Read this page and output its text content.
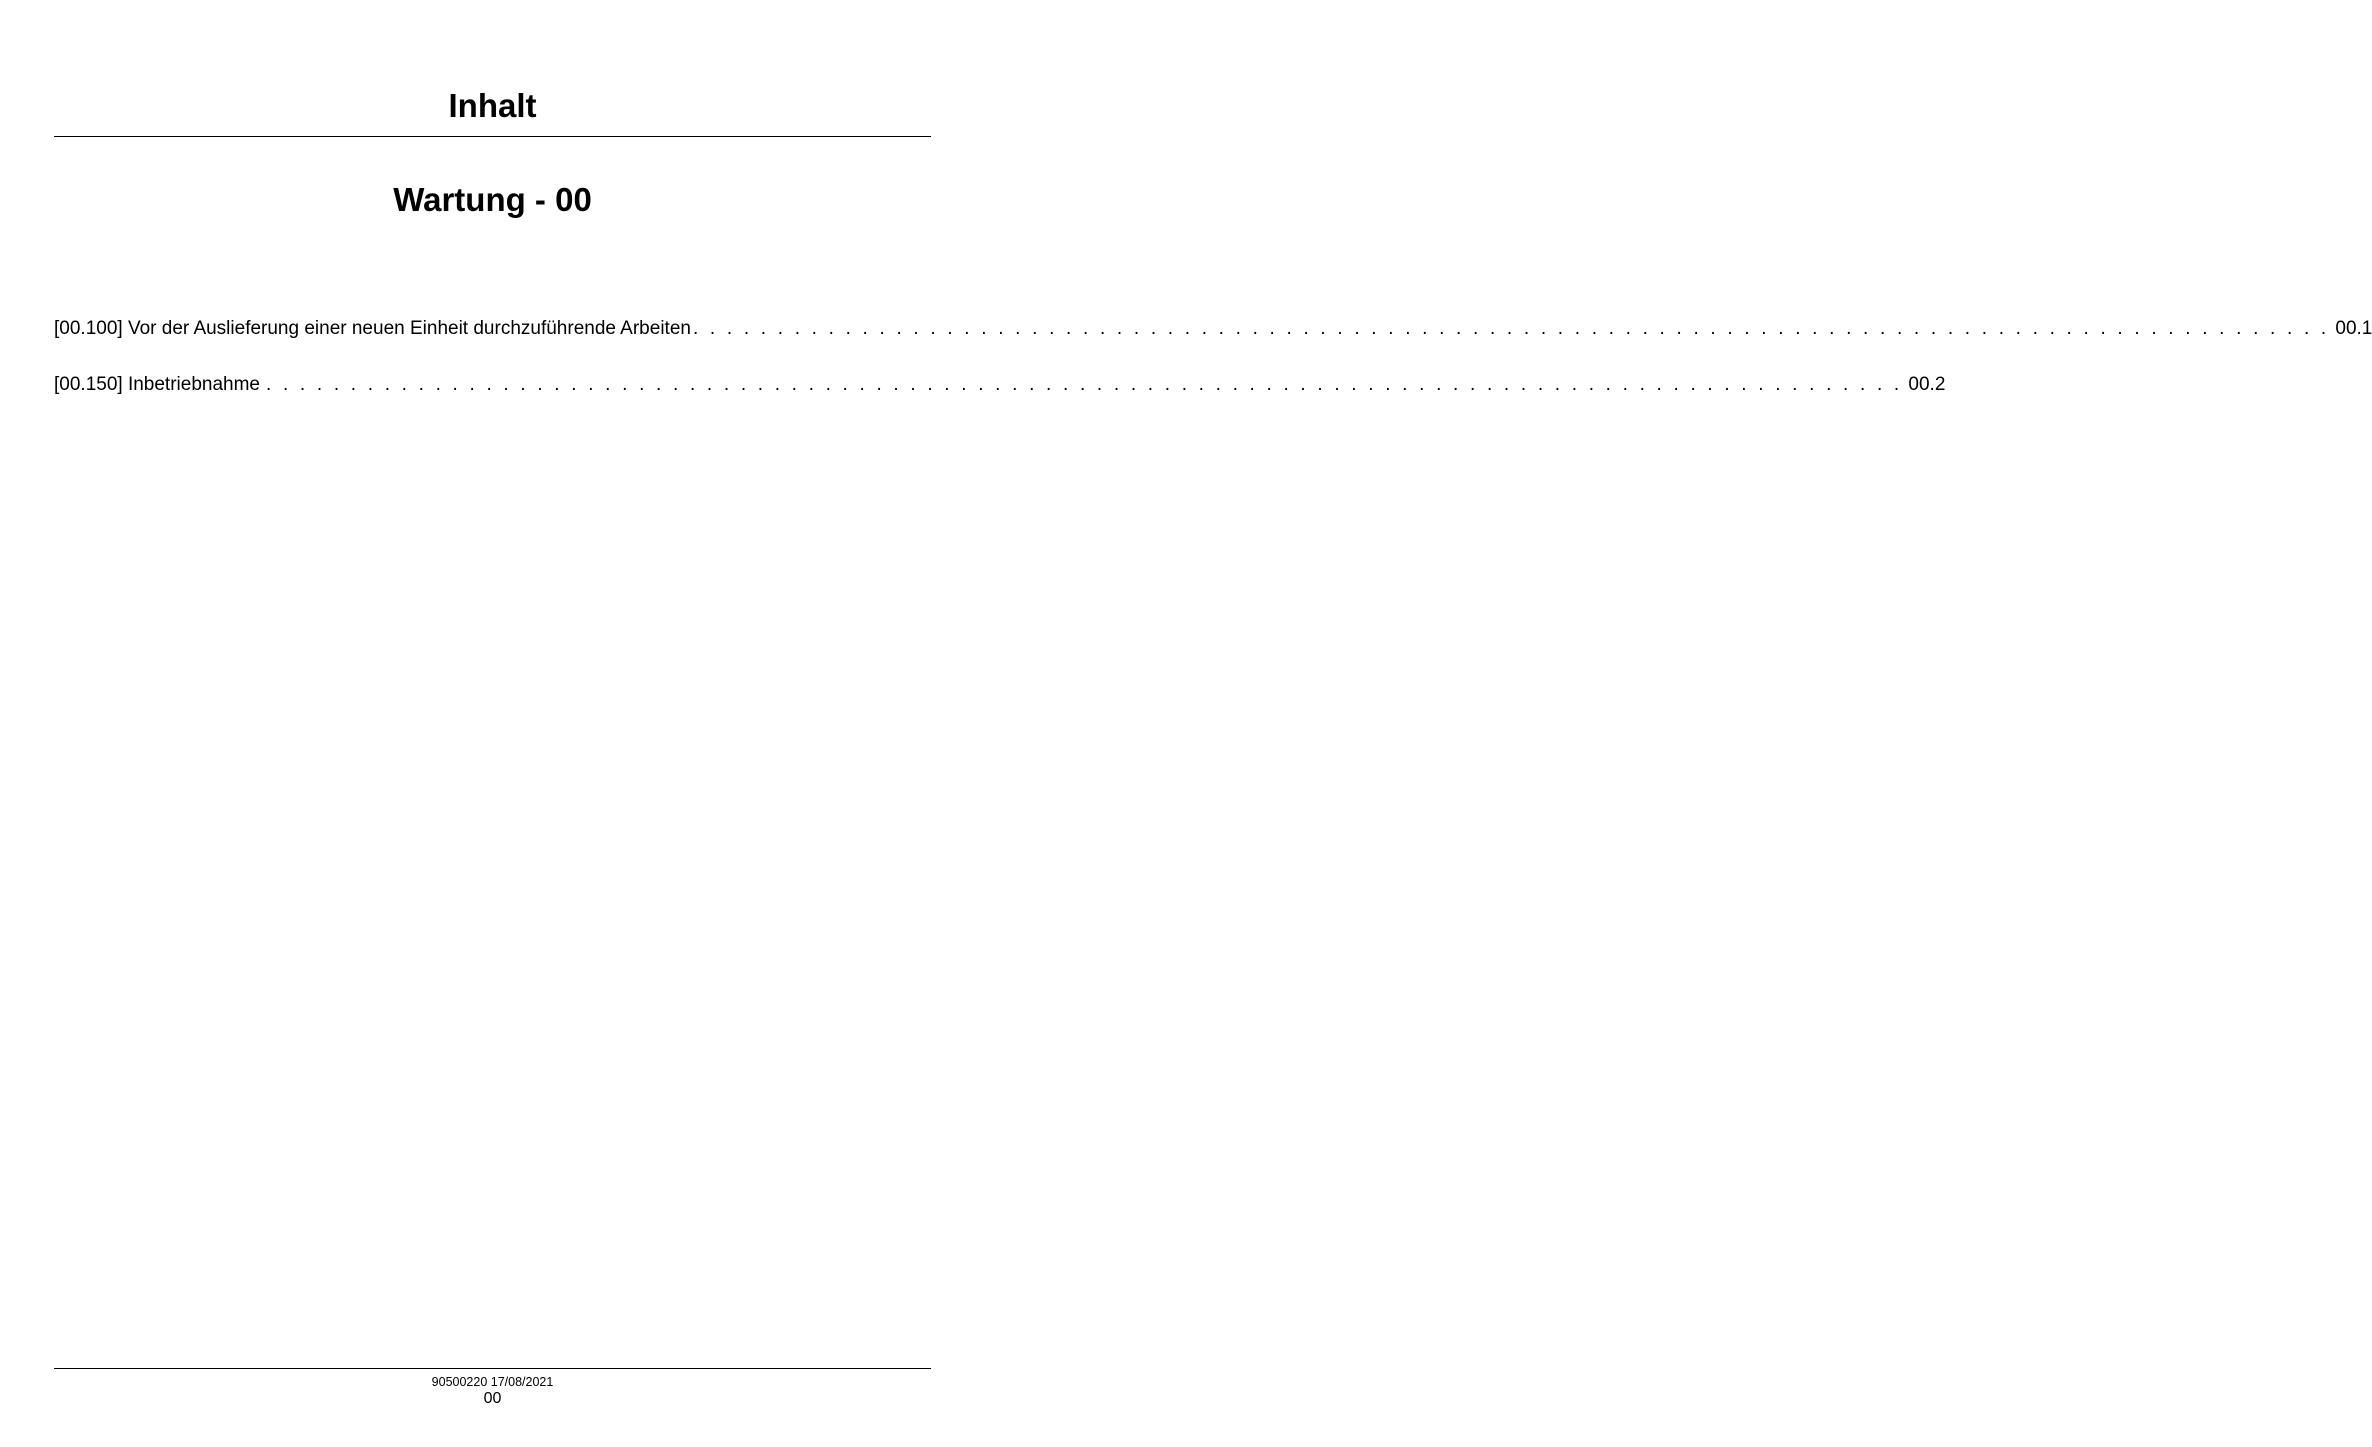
Inhalt
Wartung - 00
[00.100] Vor der Auslieferung einer neuen Einheit durchzuführende Arbeiten . . . . . . . . . . . . . . . . . . . . . . . . . . . . . . . . . . . . . . . . . . . . . . . . . . . . . . . . . . . . . . . . . . . . . . . . . . . . . . . . . . . . . . . . . . . . . . . . . 00.1
[00.150] Inbetriebnahme . . . . . . . . . . . . . . . . . . . . . . . . . . . . . . . . . . . . . . . . . . . . . . . . . . . . . . . . . . . . . . . . . . . . . . . . . . . . . . . . . . . . . . . . . . . . . . . . . 00.2
90500220 17/08/2021
00
